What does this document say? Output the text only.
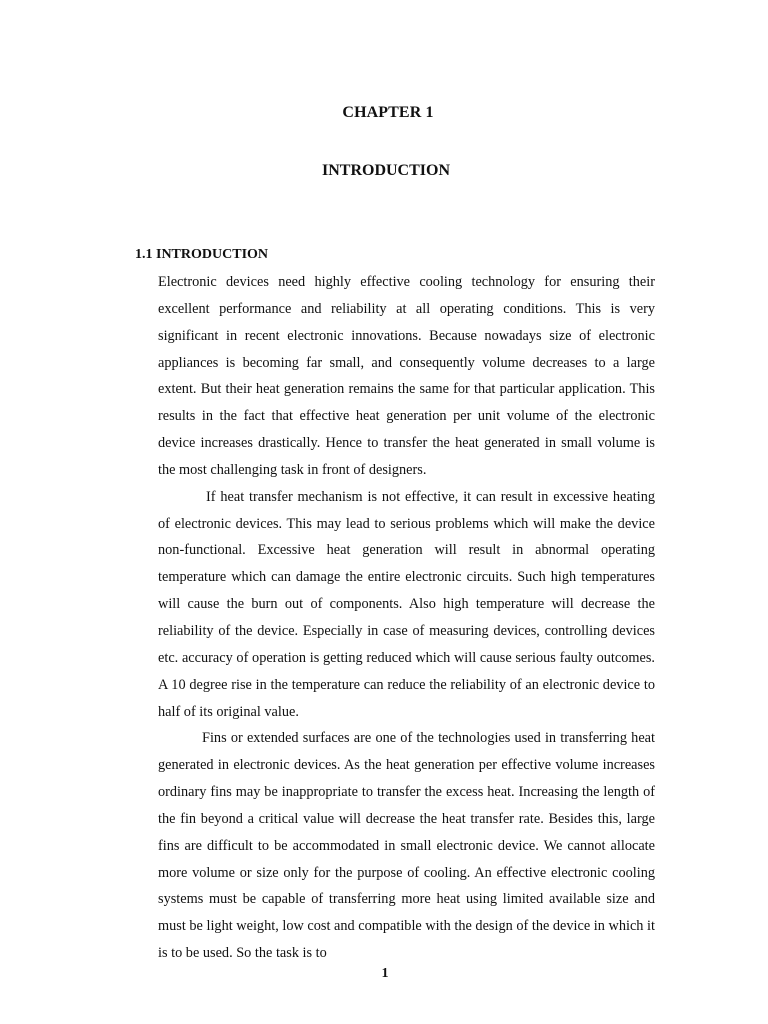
CHAPTER 1
INTRODUCTION
1.1 INTRODUCTION

Electronic devices need highly effective cooling technology for ensuring their excellent performance and reliability at all operating conditions. This is very significant in recent electronic innovations. Because nowadays size of electronic appliances is becoming far small, and consequently volume decreases to a large extent. But their heat generation remains the same for that particular application. This results in the fact that effective heat generation per unit volume of the electronic device increases drastically. Hence to transfer the heat generated in small volume is the most challenging task in front of designers.

If heat transfer mechanism is not effective, it can result in excessive heating of electronic devices. This may lead to serious problems which will make the device non-functional. Excessive heat generation will result in abnormal operating temperature which can damage the entire electronic circuits. Such high temperatures will cause the burn out of components. Also high temperature will decrease the reliability of the device. Especially in case of measuring devices, controlling devices etc. accuracy of operation is getting reduced which will cause serious faulty outcomes. A 10 degree rise in the temperature can reduce the reliability of an electronic device to half of its original value.

Fins or extended surfaces are one of the technologies used in transferring heat generated in electronic devices. As the heat generation per effective volume increases ordinary fins may be inappropriate to transfer the excess heat. Increasing the length of the fin beyond a critical value will decrease the heat transfer rate. Besides this, large fins are difficult to be accommodated in small electronic device. We cannot allocate more volume or size only for the purpose of cooling. An effective electronic cooling systems must be capable of transferring more heat using limited available size and must be light weight, low cost and compatible with the design of the device in which it is to be used. So the task is to

1
